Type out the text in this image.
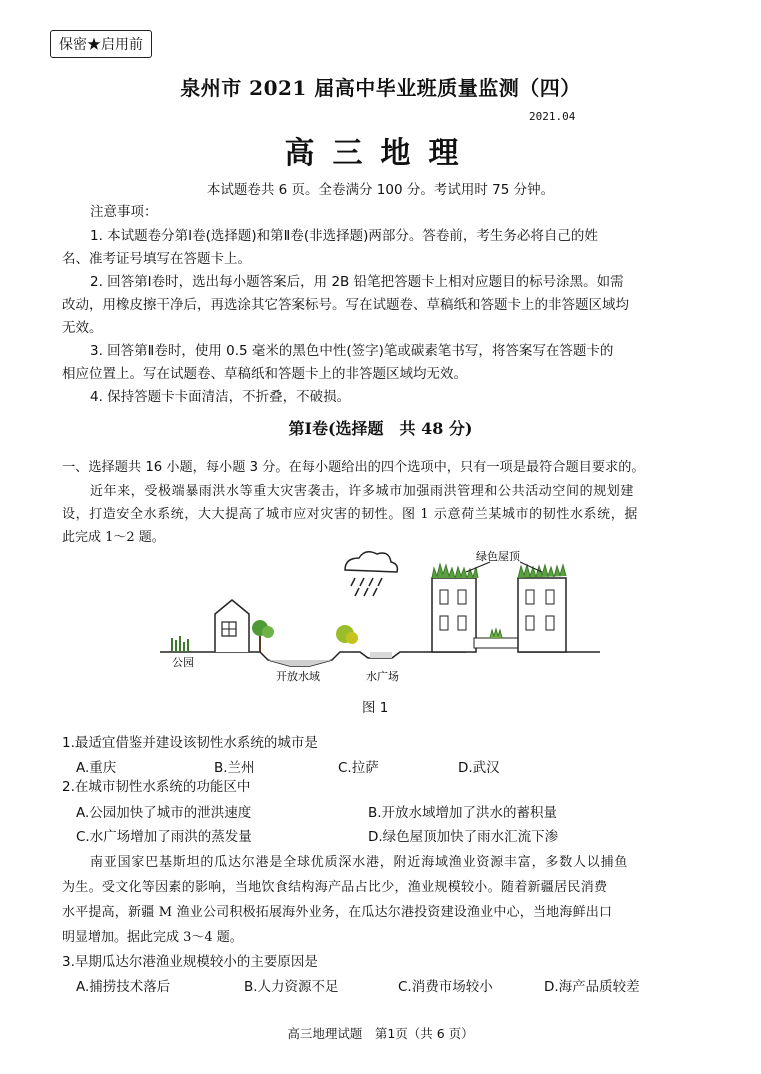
保密★启用前
泉州市 2021 届高中毕业班质量监测（四）
2021.04
高三地理
本试题卷共 6 页。全卷满分 100 分。考试用时 75 分钟。
注意事项：
1. 本试题卷分第Ⅰ卷(选择题)和第Ⅱ卷(非选择题)两部分。答卷前，考生务必将自己的姓
名、准考证号填写在答题卡上。
2. 回答第Ⅰ卷时，选出每小题答案后，用 2B 铅笔把答题卡上相对应题目的标号涂黑。如需
改动，用橡皮擦干净后，再选涂其它答案标号。写在试题卷、草稿纸和答题卡上的非答题区域均
无效。
3. 回答第Ⅱ卷时，使用 0.5 毫米的黑色中性(签字)笔或碳素笔书写，将答案写在答题卡的
相应位置上。写在试题卷、草稿纸和答题卡上的非答题区域均无效。
4. 保持答题卡卡面清洁，不折叠，不破损。
第Ⅰ卷(选择题　共 48 分)
一、选择题共 16 小题，每小题 3 分。在每小题给出的四个选项中，只有一项是最符合题目要求的。
近年来，受极端暴雨洪水等重大灾害袭击，许多城市加强雨洪管理和公共活动空间的规划建
设，打造安全水系统，大大提高了城市应对灾害的韧性。图 1 示意荷兰某城市的韧性水系统，据
此完成 1～2 题。
公园
开放水域	水广场
绿色屋顶
图 1
1.最适宜借鉴并建设该韧性水系统的城市是
A.重庆	B.兰州	C.拉萨	D.武汉
2.在城市韧性水系统的功能区中
A.公园加快了城市的泄洪速度	B.开放水域增加了洪水的蓄积量
C.水广场增加了雨洪的蒸发量	D.绿色屋顶加快了雨水汇流下渗
南亚国家巴基斯坦的瓜达尔港是全球优质深水港，附近海域渔业资源丰富，多数人以捕鱼
为生。受文化等因素的影响，当地饮食结构海产品占比少，渔业规模较小。随着新疆居民消费
水平提高，新疆 M 渔业公司积极拓展海外业务，在瓜达尔港投资建设渔业中心，当地海鲜出口
明显增加。据此完成 3～4 题。
3.早期瓜达尔港渔业规模较小的主要原因是
A.捕捞技术落后	B.人力资源不足	C.消费市场较小	D.海产品质较差
高三地理试题　第1页（共 6 页）
